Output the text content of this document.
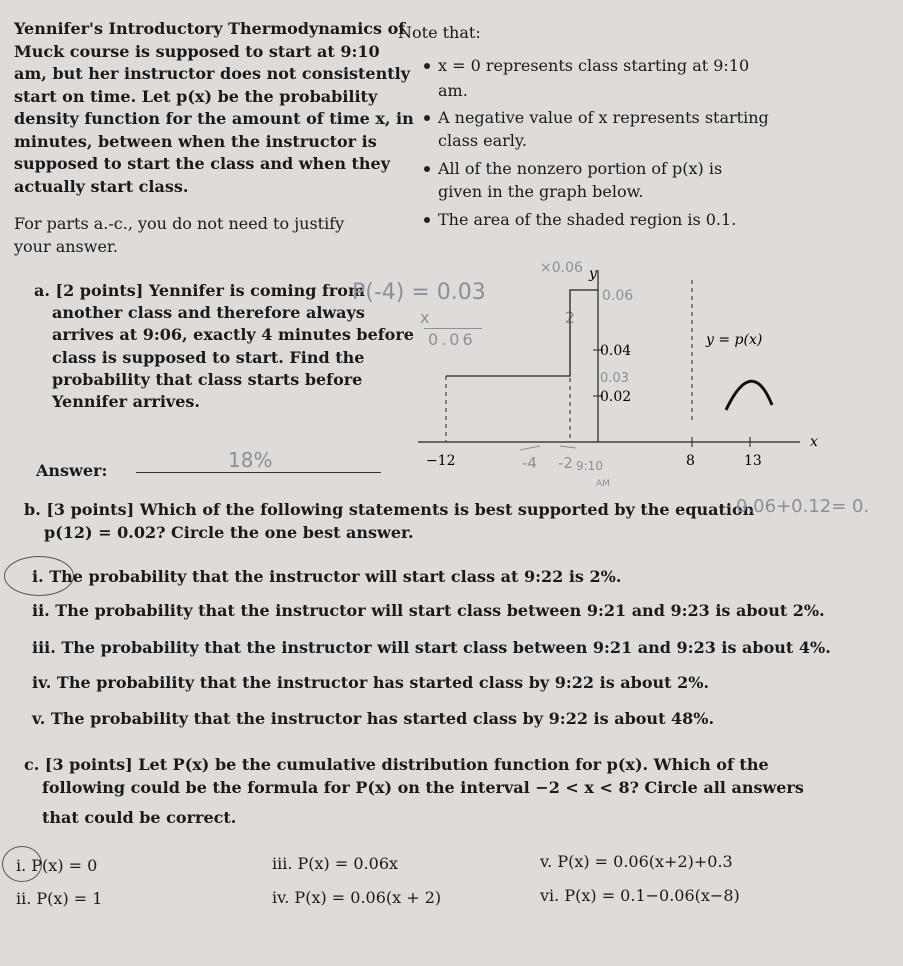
Yennifer's Introductory Thermodynamics of
Muck course is supposed to start at 9:10
am, but her instructor does not consistently
start on time. Let p(x) be the probability
density function for the amount of time x, in
minutes, between when the instructor is
supposed to start the class and when they
actually start class.
For parts a.-c., you do not need to justify
your answer.
Note that:
x = 0 represents class starting at 9:10
am.
A negative value of x represents starting
class early.
All of the nonzero portion of p(x) is
given in the graph below.
The area of the shaded region is 0.1.
a. [2 points] Yennifer is coming from
another class and therefore always
arrives at 9:06, exactly 4 minutes before
class is supposed to start. Find the
probability that class starts before
Yennifer arrives.
Answer:	18%
P(-4) = 0.03
x   2
0.06
0.04
0.02
−12	8	13
x
y
y = p(x)
0.06
×0.06
0.03
-4 -2 9:10
AM
b. [3 points] Which of the following statements is best supported by the equation
p(12) = 0.02? Circle the one best answer.
0.06+0.12= 0.
i. The probability that the instructor will start class at 9:22 is 2%.
ii. The probability that the instructor will start class between 9:21 and 9:23 is about 2%.
iii. The probability that the instructor will start class between 9:21 and 9:23 is about 4%.
iv. The probability that the instructor has started class by 9:22 is about 2%.
v. The probability that the instructor has started class by 9:22 is about 48%.
c. [3 points] Let P(x) be the cumulative distribution function for p(x). Which of the
following could be the formula for P(x) on the interval −2 < x < 8? Circle all answers
that could be correct.
i. P(x) = 0
ii. P(x) = 1
iii. P(x) = 0.06x
iv. P(x) = 0.06(x + 2)
v. P(x) = 0.06(x+2)+0.3
vi. P(x) = 0.1−0.06(x−8)
